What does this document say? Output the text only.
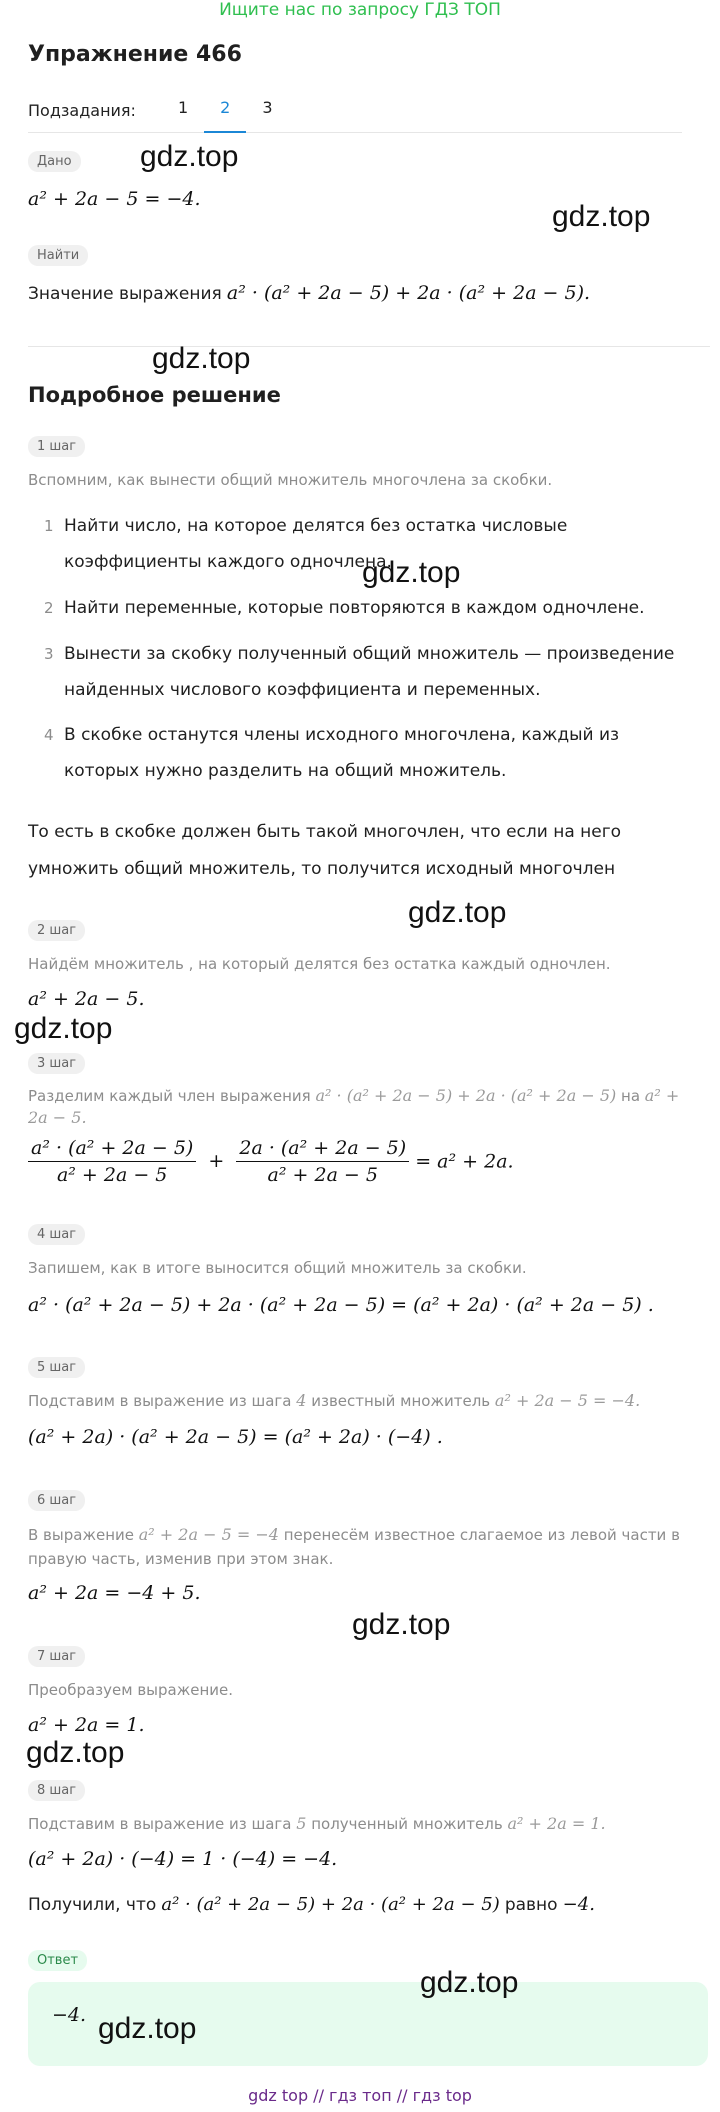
Ищите нас по запросу ГДЗ ТОП
Упражнение 466
Подзадания:	1	2	3
Дано
a² + 2a − 5 = −4.
Найти
Значение выражения a² · (a² + 2a − 5) + 2a · (a² + 2a − 5).
Подробное решение
1 шаг
Вспомним, как вынести общий множитель многочлена за скобки.
1 Найти число, на которое делятся без остатка числовые коэффициенты каждого одночлена.
2 Найти переменные, которые повторяются в каждом одночлене.
3 Вынести за скобку полученный общий множитель — произведение найденных числового коэффициента и переменных.
4 В скобке останутся члены исходного многочлена, каждый из которых нужно разделить на общий множитель.
То есть в скобке должен быть такой многочлен, что если на него умножить общий множитель, то получится исходный многочлен
2 шаг
Найдём множитель , на который делятся без остатка каждый одночлен.
a² + 2a − 5.
3 шаг
Разделим каждый член выражения a² · (a² + 2a − 5) + 2a · (a² + 2a − 5) на a² + 2a − 5.
$\frac{\text{a² · (a² + 2a − 5)}}{\text{a² + 2a − 5}} + \frac{\text{2a · (a² + 2a − 5)}}{\text{a² + 2a − 5}} = a^2 + 2a$.
4 шаг
Запишем, как в итоге выносится общий множитель за скобки.
a² · (a² + 2a − 5) + 2a · (a² + 2a − 5) = (a² + 2a) · (a² + 2a − 5) .
5 шаг
Подставим в выражение из шага 4 известный множитель a² + 2a − 5 = −4.
(a² + 2a) · (a² + 2a − 5) = (a² + 2a) · (−4) .
6 шаг
В выражение a² + 2a − 5 = −4 перенесём известное слагаемое из левой части в правую часть, изменив при этом знак.
a² + 2a = −4 + 5.
7 шаг
Преобразуем выражение.
a² + 2a = 1.
8 шаг
Подставим в выражение из шага 5 полученный множитель a² + 2a = 1.
(a² + 2a) · (−4) = 1 · (−4) = −4.
Получили, что a² · (a² + 2a − 5) + 2a · (a² + 2a − 5) равно −4.
Ответ
−4.
gdz.top
gdz.top
gdz.top
gdz.top
gdz.top
gdz.top
gdz.top
gdz.top
gdz.top
gdz.top
gdz top // гдз топ // гдз top
